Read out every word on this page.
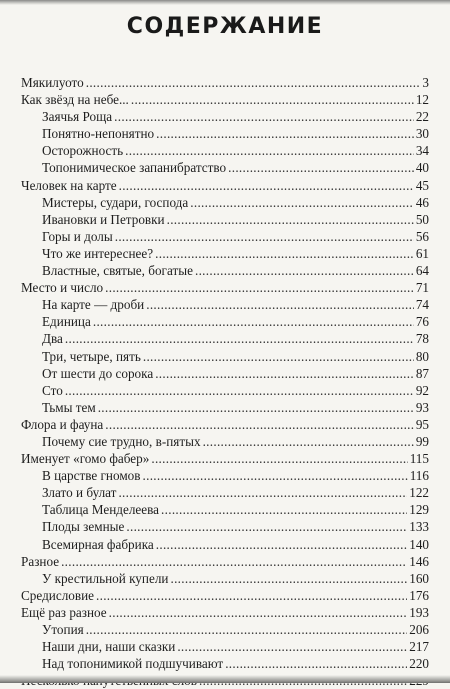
СОДЕРЖАНИЕ
Мякилуото . . .	3
Как звёзд на небе... . . .	12
Заячья Роща . . .	22
Понятно-непонятно . . .	30
Осторожность . . .	34
Топонимическое запанибратство . . .	40
Человек на карте . . .	45
Мистеры, судари, господа . . .	46
Ивановки и Петровки . . .	50
Горы и долы . . .	56
Что же интереснее? . . .	61
Властные, святые, богатые . . .	64
Место и число . . .	71
На карте — дроби . . .	74
Единица . . .	76
Два . . .	78
Три, четыре, пять . . .	80
От шести до сорока . . .	87
Сто . . .	92
Тьмы тем . . .	93
Флора и фауна . . .	95
Почему сие трудно, в-пятых . . .	99
Именует «гомо фабер» . . .	115
В царстве гномов . . .	116
Злато и булат . . .	122
Таблица Менделеева . . .	129
Плоды земные . . .	133
Всемирная фабрика . . .	140
Разное . . .	146
У крестильной купели . . .	160
Средисловие . . .	176
Ещё раз разное . . .	193
Утопия . . .	206
Наши дни, наши сказки . . .	217
Над топонимикой подшучивают . . .	220
. . .
